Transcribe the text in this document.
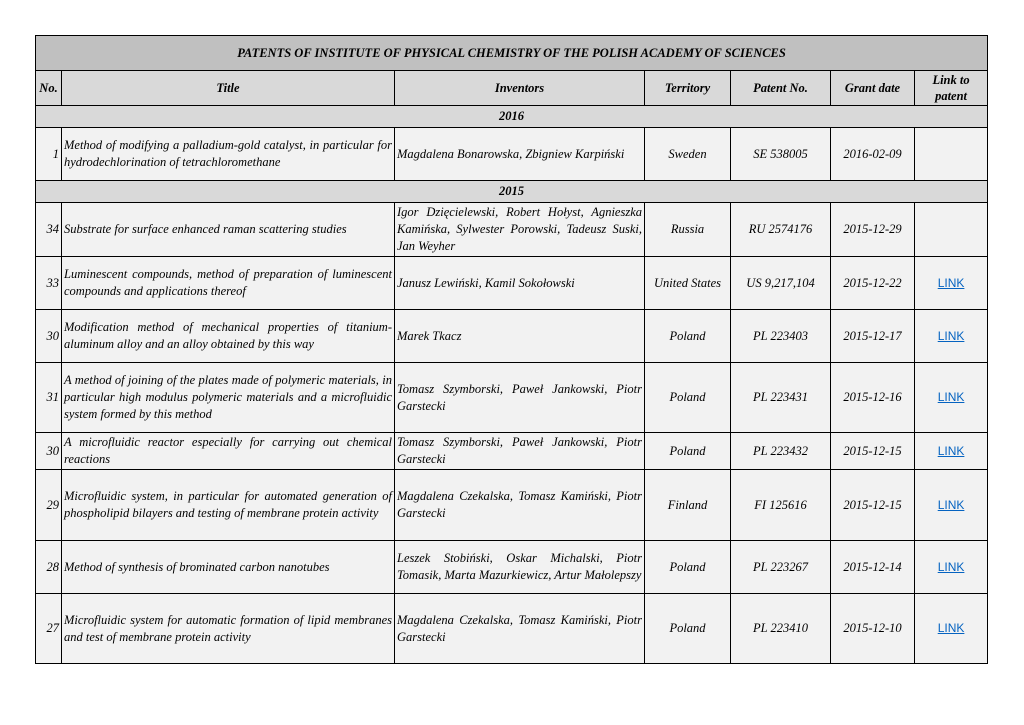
PATENTS OF INSTITUTE OF PHYSICAL CHEMISTRY OF THE POLISH ACADEMY OF SCIENCES						
No.	Title	Inventors	Territory	Patent No.	Grant date	Link to patent
2016						
1	Method of modifying a palladium-gold catalyst, in particular for hydrodechlorination of tetrachloromethane	Magdalena Bonarowska, Zbigniew Karpiński	Sweden	SE 538005	2016-02-09	
2015						
34	Substrate for surface enhanced raman scattering studies	Igor Dzięcielewski, Robert Hołyst, Agnieszka Kamińska, Sylwester Porowski, Tadeusz Suski, Jan Weyher	Russia	RU 2574176	2015-12-29	
33	Luminescent compounds, method of preparation of luminescent compounds and applications thereof	Janusz Lewiński, Kamil Sokołowski	United States	US 9,217,104	2015-12-22	LINK
30	Modification method of mechanical properties of titanium-aluminum alloy and an alloy obtained by this way	Marek Tkacz	Poland	PL 223403	2015-12-17	LINK
31	A method of joining of the plates made of polymeric materials, in particular high modulus polymeric materials and a microfluidic system formed by this method	Tomasz Szymborski, Paweł Jankowski, Piotr Garstecki	Poland	PL 223431	2015-12-16	LINK
30	A microfluidic reactor especially for carrying out chemical reactions	Tomasz Szymborski, Paweł Jankowski, Piotr Garstecki	Poland	PL 223432	2015-12-15	LINK
29	Microfluidic system, in particular for automated generation of phospholipid bilayers and testing of membrane protein activity	Magdalena Czekalska, Tomasz Kamiński, Piotr Garstecki	Finland	FI 125616	2015-12-15	LINK
28	Method of synthesis of brominated carbon nanotubes	Leszek Stobiński, Oskar Michalski, Piotr Tomasik, Marta Mazurkiewicz, Artur Małolepszy	Poland	PL 223267	2015-12-14	LINK
27	Microfluidic system for automatic formation of lipid membranes and test of membrane protein activity	Magdalena Czekalska, Tomasz Kamiński, Piotr Garstecki	Poland	PL 223410	2015-12-10	LINK
